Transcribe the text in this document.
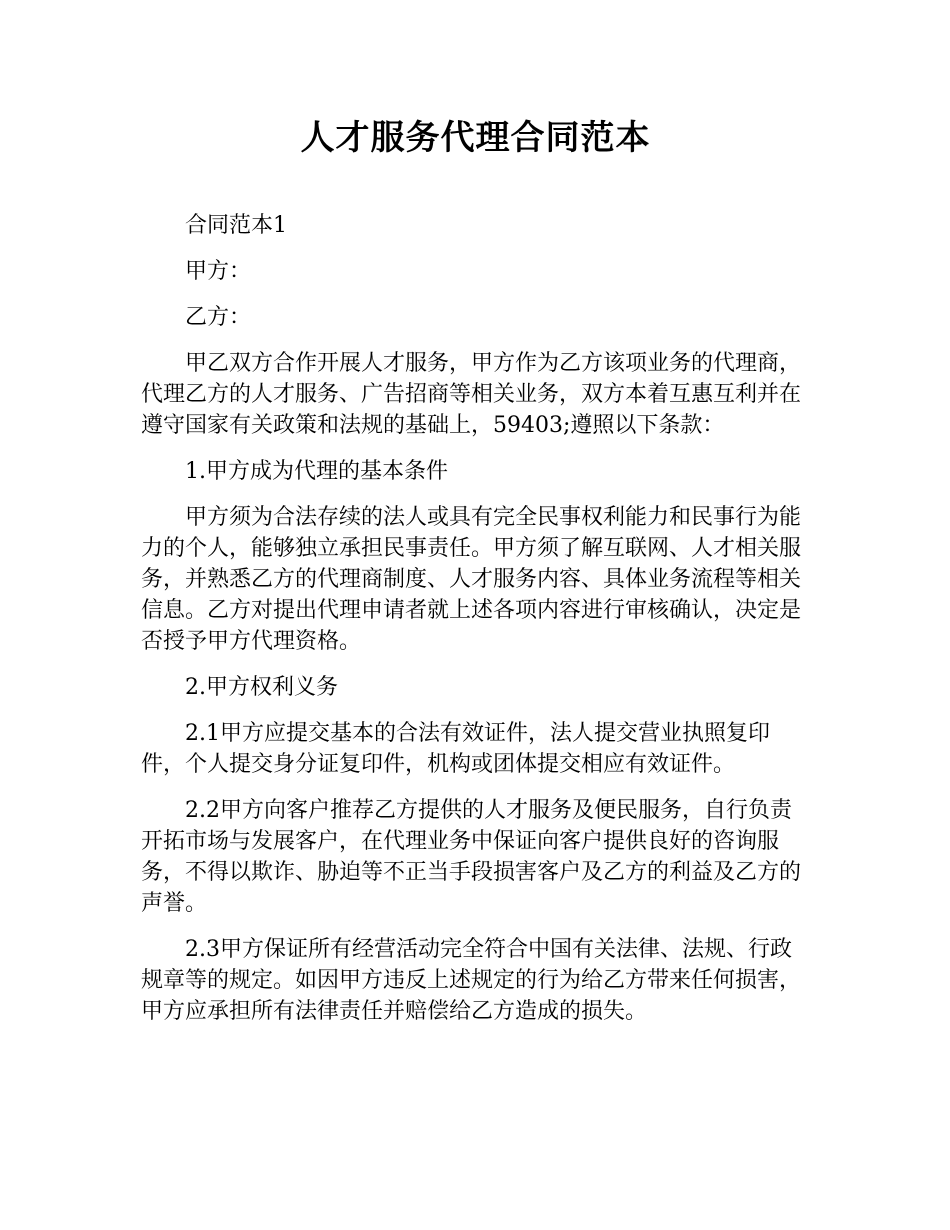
人才服务代理合同范本

合同范本1

甲方：

乙方：

甲乙双方合作开展人才服务，甲方作为乙方该项业务的代理商，代理乙方的人才服务、广告招商等相关业务，双方本着互惠互利并在遵守国家有关政策和法规的基础上，59403;遵照以下条款：

1.甲方成为代理的基本条件

甲方须为合法存续的法人或具有完全民事权利能力和民事行为能力的个人，能够独立承担民事责任。甲方须了解互联网、人才相关服务，并熟悉乙方的代理商制度、人才服务内容、具体业务流程等相关信息。乙方对提出代理申请者就上述各项内容进行审核确认，决定是否授予甲方代理资格。

2.甲方权利义务

2.1甲方应提交基本的合法有效证件，法人提交营业执照复印件，个人提交身分证复印件，机构或团体提交相应有效证件。

2.2甲方向客户推荐乙方提供的人才服务及便民服务，自行负责开拓市场与发展客户，在代理业务中保证向客户提供良好的咨询服务，不得以欺诈、胁迫等不正当手段损害客户及乙方的利益及乙方的声誉。

2.3甲方保证所有经营活动完全符合中国有关法律、法规、行政规章等的规定。如因甲方违反上述规定的行为给乙方带来任何损害，甲方应承担所有法律责任并赔偿给乙方造成的损失。
